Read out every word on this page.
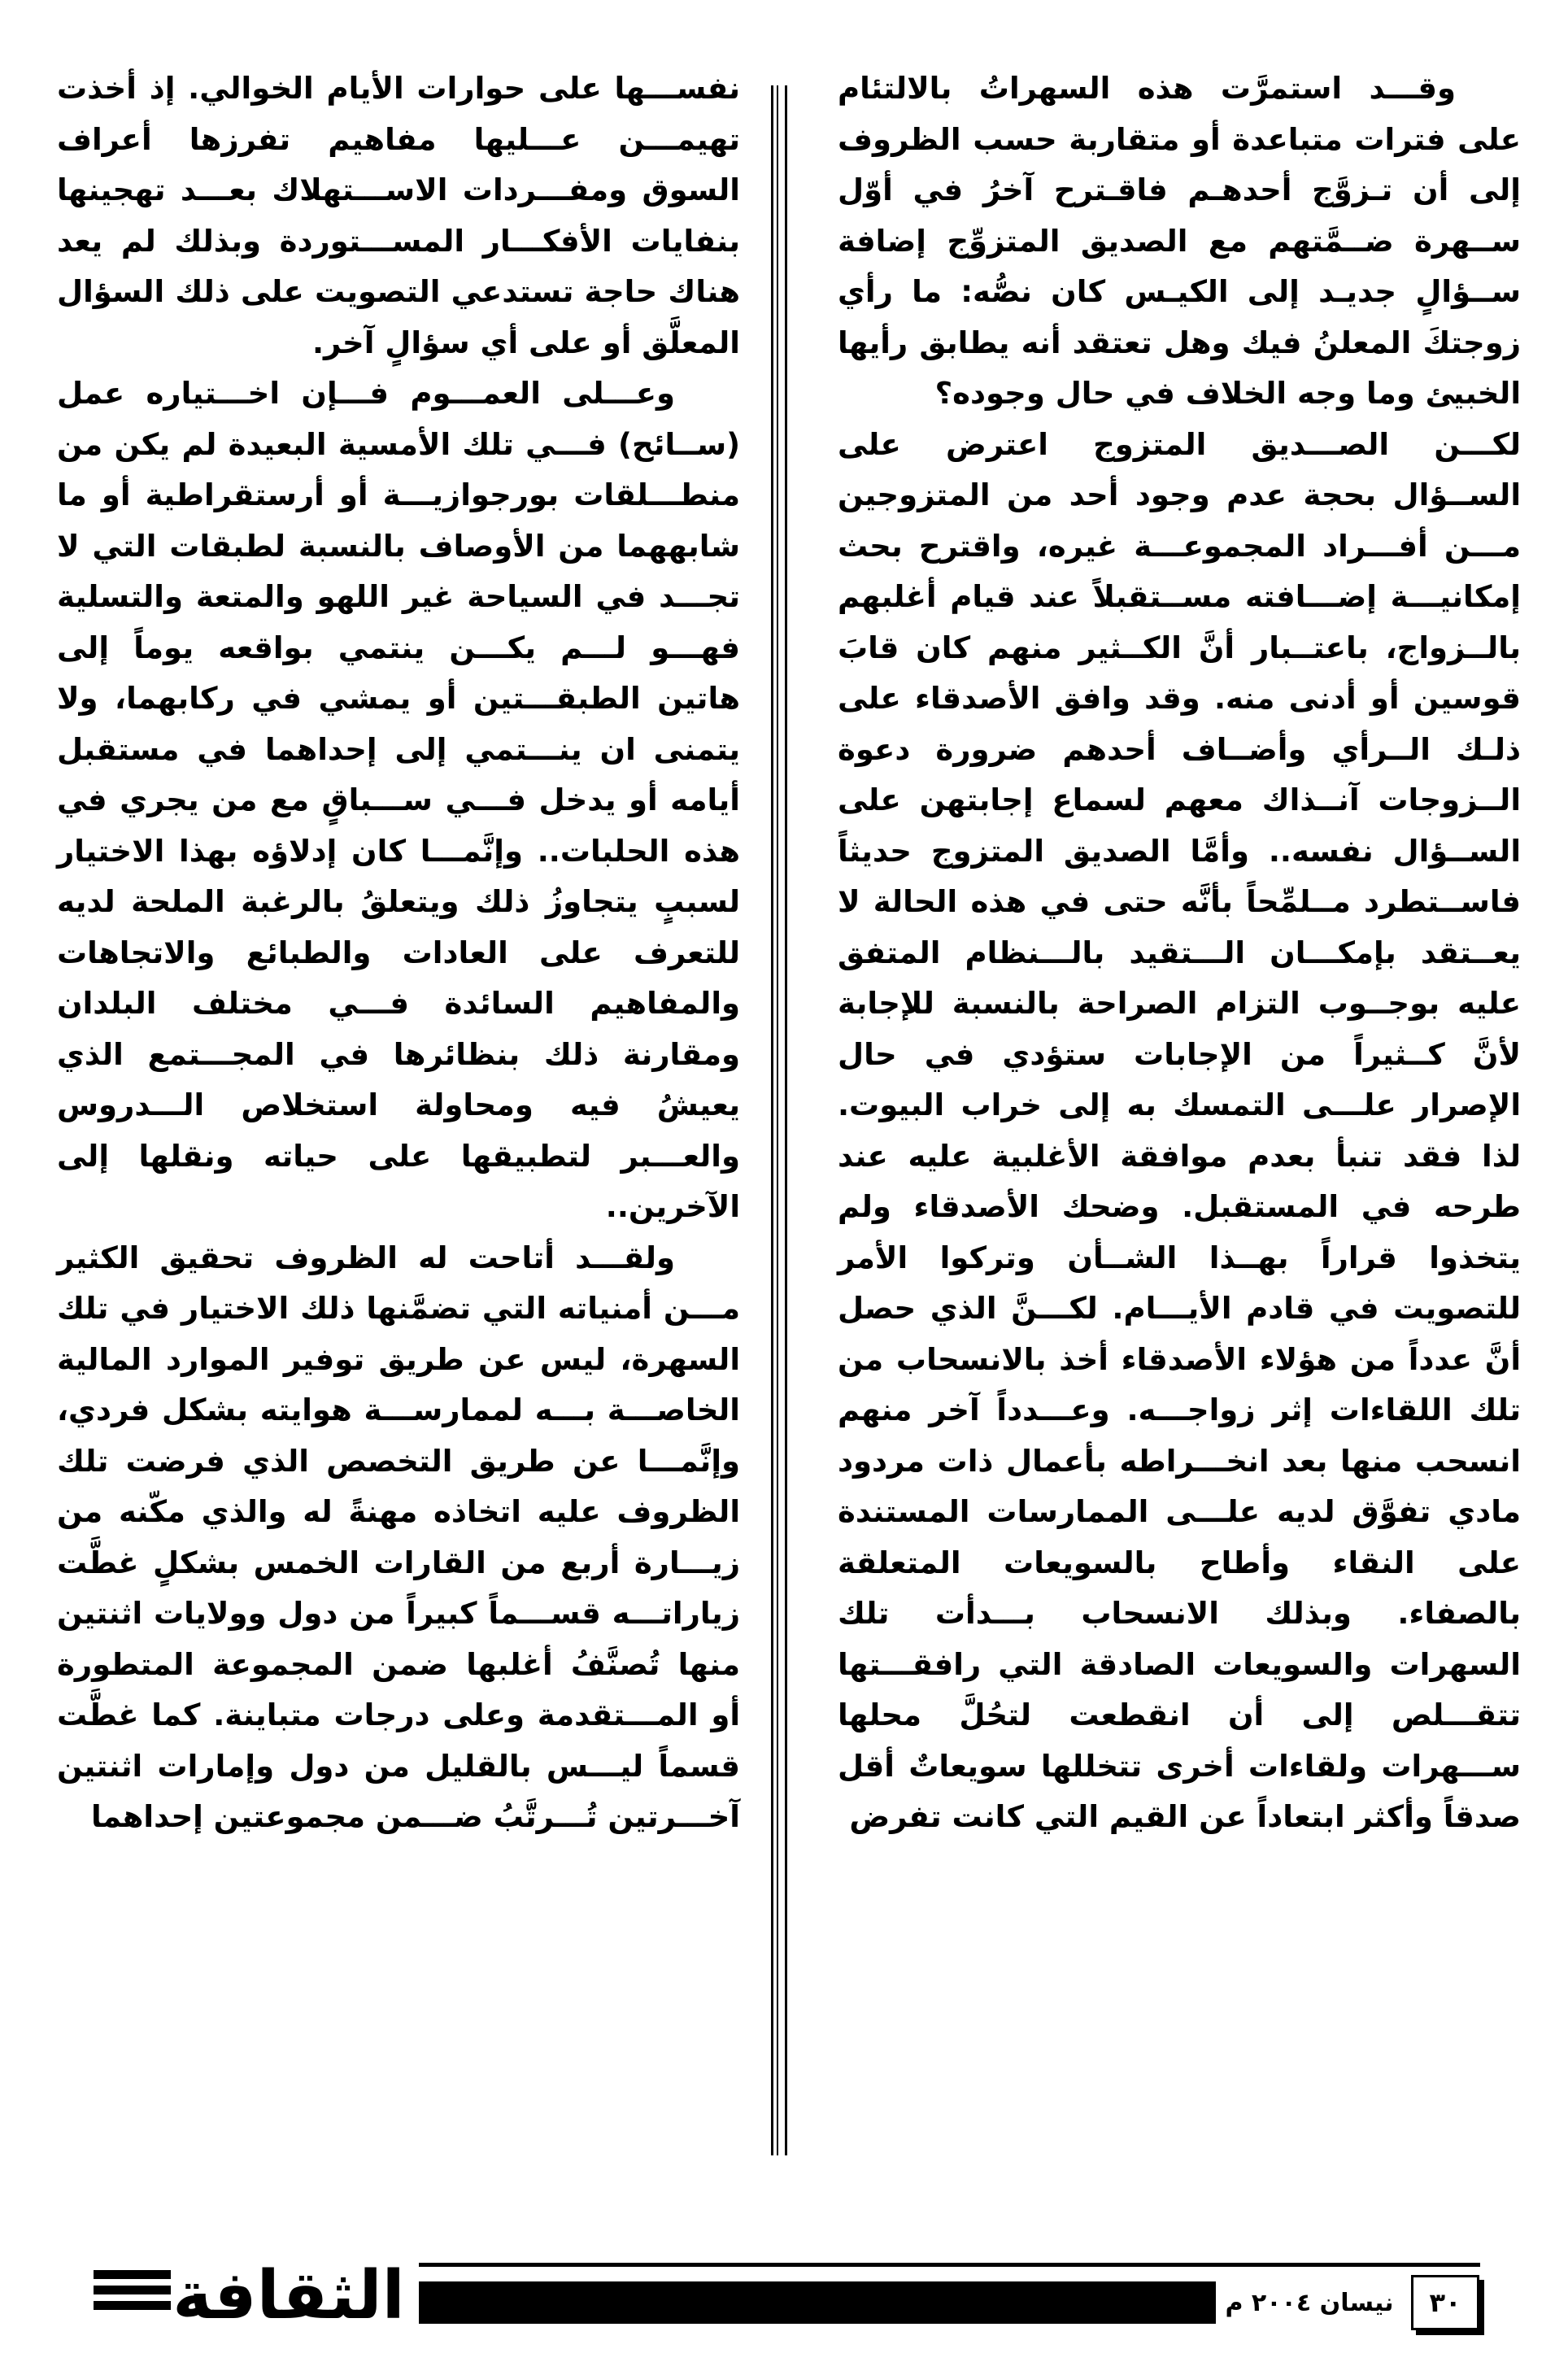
وقـــد استمرَّت هذه السهراتُ بالالتئام على فترات متباعدة أو متقاربة حسب الظروف إلى أن تـزوَّج أحدهـم فاقـترح آخرُ في أوّل ســهرة ضــمَّتهم مع الصديق المتزوِّج إضافة ســؤالٍ جديـد إلى الكيـس كان نصُّه: ما رأي زوجتكَ المعلنُ فيك وهل تعتقد أنه يطابق رأيها الخبيئ وما وجه الخلاف في حال وجوده؟

لكـــن الصـــديق المتزوج اعترض على الســؤال بحجة عدم وجود أحد من المتزوجين مـــن أفـــراد المجموعـــة غيره، واقترح بحث إمكانيـــة إضـــافته مســتقبلاً عند قيام أغلبهم بالــزواج، باعتــبار أنَّ الكــثير منهم كان قابَ قوسين أو أدنى منه. وقد وافق الأصدقاء على ذلـك الــرأي وأضــاف أحدهم ضرورة دعوة الــزوجات آنــذاك معهم لسماع إجابتهن على الســؤال نفسه.. وأمَّا الصديق المتزوج حديثاً فاســتطرد مــلمِّحاً بأنَّه حتى في هذه الحالة لا يعــتقد بإمكـــان الـــتقيد بالـــنظام المتفق عليه بوجــوب التزام الصراحة بالنسبة للإجابة لأنَّ كــثيراً من الإجابات ستؤدي في حال الإصرار علـــى التمسك به إلى خراب البيوت. لذا فقد تنبأ بعدم موافقة الأغلبية عليه عند طرحه في المستقبل. وضحك الأصدقاء ولم يتخذوا قراراً بهــذا الشــأن وتركوا الأمر للتصويت في قادم الأيـــام. لكـــنَّ الذي حصل أنَّ عدداً من هؤلاء الأصدقاء أخذ بالانسحاب من تلك اللقاءات إثر زواجـــه. وعـــدداً آخر منهم انسحب منها بعد انخـــراطه بأعمال ذات مردود مادي تفوَّق لديه علـــى الممارسات المستندة على النقاء وأطاح بالسويعات المتعلقة بالصفاء. وبذلك الانسحاب بـــدأت تلك السهرات والسويعات الصادقة التي رافقـــتها تتقـــلص إلى أن انقطعت لتحُلَّ محلها ســـهرات ولقاءات أخرى تتخللها سويعاتٌ أقل صدقاً وأكثر ابتعاداً عن القيم التي كانت تفرض

نفســـها على حوارات الأيام الخوالي. إذ أخذت تهيمـــن عـــليها مفاهيم تفرزها أعراف السوق ومفـــردات الاســـتهلاك بعـــد تهجينها بنفايات الأفكـــار المســـتوردة وبذلك لم يعد هناك حاجة تستدعي التصويت على ذلك السؤال المعلَّق أو على أي سؤالٍ آخر.

وعـــلى العمـــوم فـــإن اخـــتياره عمل (ســائح) فـــي تلك الأمسية البعيدة لم يكن من منطـــلقات بورجوازيـــة أو أرستقراطية أو ما شابههما من الأوصاف بالنسبة لطبقات التي لا تجـــد في السياحة غير اللهو والمتعة والتسلية فهـــو لـــم يكـــن ينتمي بواقعه يوماً إلى هاتين الطبقـــتين أو يمشي في ركابهما، ولا يتمنى ان ينـــتمي إلى إحداهما في مستقبل أيامه أو يدخل فـــي ســـباقٍ مع من يجري في هذه الحلبات.. وإنَّمـــا كان إدلاؤه بهذا الاختيار لسببٍ يتجاوزُ ذلك ويتعلقُ بالرغبة الملحة لديه للتعرف على العادات والطبائع والاتجاهات والمفاهيم السائدة فـــي مختلف البلدان ومقارنة ذلك بنظائرها في المجـــتمع الذي يعيشُ فيه ومحاولة استخلاص الـــدروس والعـــبر لتطبيقها على حياته ونقلها إلى الآخرين..

ولقـــد أتاحت له الظروف تحقيق الكثير مـــن أمنياته التي تضمَّنها ذلك الاختيار في تلك السهرة، ليس عن طريق توفير الموارد المالية الخاصـــة بـــه لممارســـة هوايته بشكل فردي، وإنَّمـــا عن طريق التخصص الذي فرضت تلك الظروف عليه اتخاذه مهنةً له والذي مكّنه من زيـــارة أربع من القارات الخمس بشكلٍ غطَّت زياراتـــه قســـماً كبيراً من دول وولايات اثنتين منها تُصنَّفُ أغلبها ضمن المجموعة المتطورة أو المـــتقدمة وعلى درجات متباينة. كما غطَّت قسماً ليـــس بالقليل من دول وإمارات اثنتين آخـــرتين تُـــرتَّبُ ضـــمن مجموعتين إحداهما

الثقافة	نيسان ٢٠٠٤ م	٣٠
